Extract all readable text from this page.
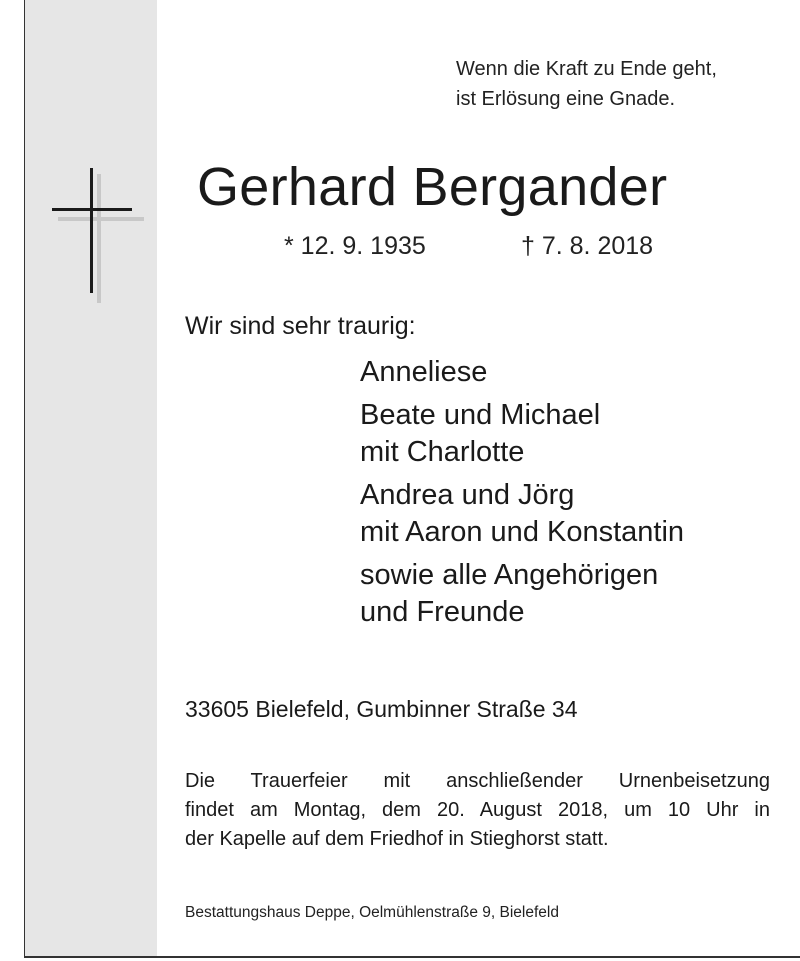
Wenn die Kraft zu Ende geht,
ist Erlösung eine Gnade.
Gerhard Bergander
* 12. 9. 1935	† 7. 8. 2018
Wir sind sehr traurig:
Anneliese
Beate und Michael
mit Charlotte
Andrea und Jörg
mit Aaron und Konstantin
sowie alle Angehörigen
und Freunde
33605 Bielefeld, Gumbinner Straße 34
Die Trauerfeier mit anschließender Urnenbeisetzung
findet am Montag, dem 20. August 2018, um 10 Uhr in
der Kapelle auf dem Friedhof in Stieghorst statt.
Bestattungshaus Deppe, Oelmühlenstraße 9, Bielefeld
